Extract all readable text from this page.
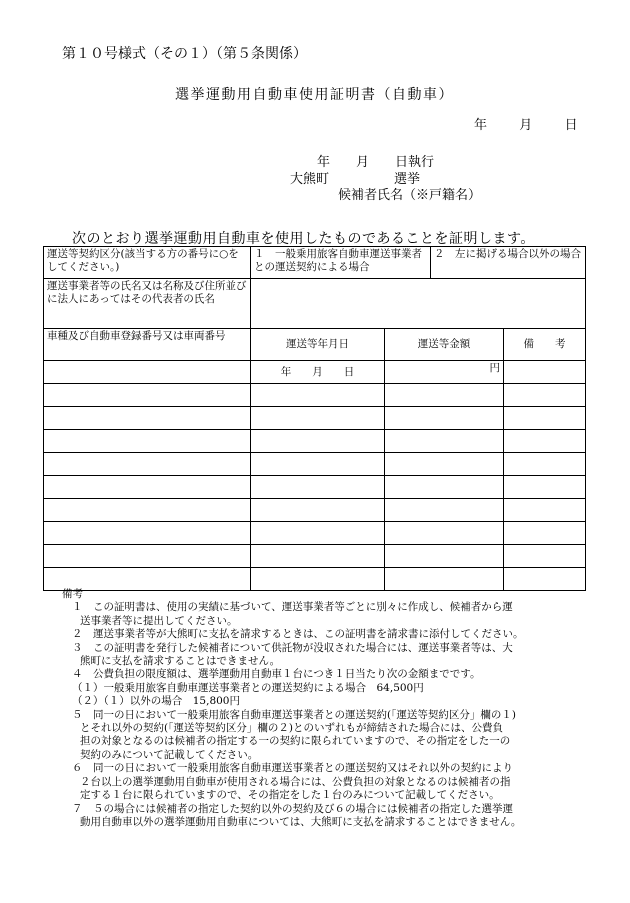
第１０号様式（その１）（第５条関係）
選挙運動用自動車使用証明書（自動車）
年 月 日
年　　月　　日執行
大熊町　　　　　選挙
候補者氏名（※戸籍名）
次のとおり選挙運動用自動車を使用したものであることを証明します。
運送等契約区分(該当する方の番号に○をしてください。)	１　一般乗用旅客自動車運送事業者との運送契約による場合		２　左に掲げる場合以外の場合	
運送事業者等の氏名又は名称及び住所並びに法人にあってはその代表者の氏名				
車種及び自動車登録番号又は車両番号	運送等年月日	運送等金額		備　　考
	年　　月　　日	円		

備考
１　この証明書は、使用の実績に基づいて、運送事業者等ごとに別々に作成し、候補者から運
送事業者等に提出してください。
２　運送事業者等が大熊町に支払を請求するときは、この証明書を請求書に添付してください。
３　この証明書を発行した候補者について供託物が没収された場合には、運送事業者等は、大
熊町に支払を請求することはできません。
４　公費負担の限度額は、選挙運動用自動車１台につき１日当たり次の金額までです。
（１）一般乗用旅客自動車運送事業者との運送契約による場合　64,500円
（２）（１）以外の場合　15,800円
５　同一の日において一般乗用旅客自動車運送事業者との運送契約(「運送等契約区分」欄の１)
とそれ以外の契約(「運送等契約区分」欄の２)とのいずれもが締結された場合には、公費負
担の対象となるのは候補者の指定する一の契約に限られていますので、その指定をした一の
契約のみについて記載してください。
６　同一の日において一般乗用旅客自動車運送事業者との運送契約又はそれ以外の契約により
２台以上の選挙運動用自動車が使用される場合には、公費負担の対象となるのは候補者の指
定する１台に限られていますので、その指定をした１台のみについて記載してください。
７　５の場合には候補者の指定した契約以外の契約及び６の場合には候補者の指定した選挙運
動用自動車以外の選挙運動用自動車については、大熊町に支払を請求することはできません。
